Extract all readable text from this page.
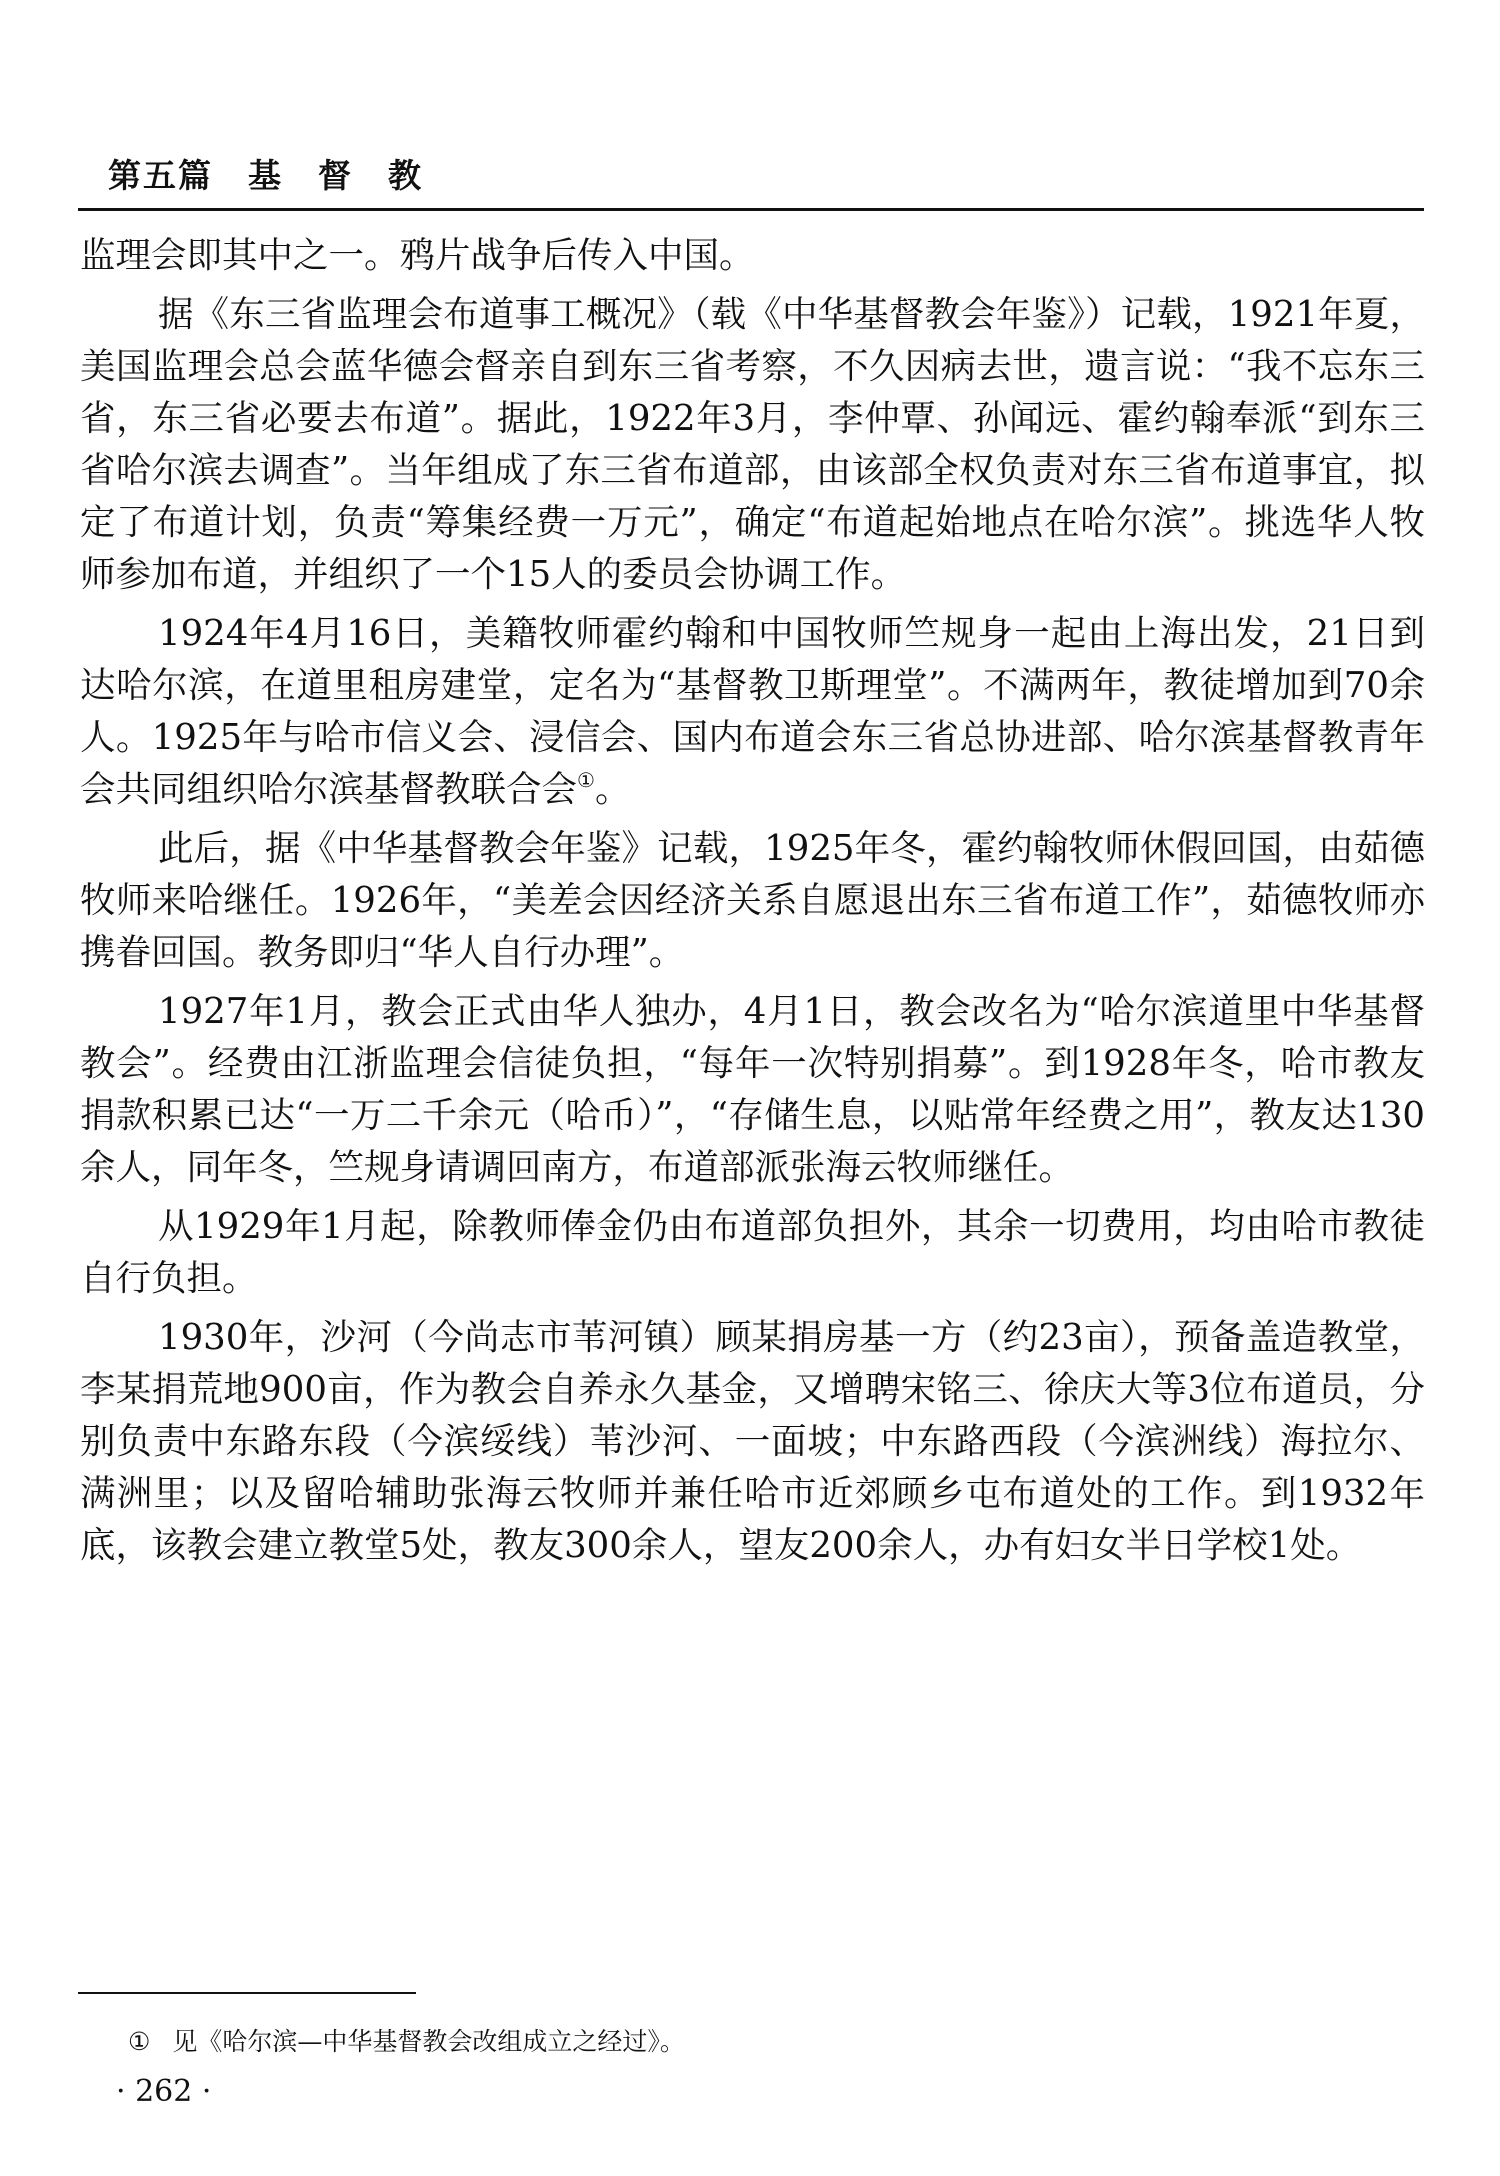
第五篇　基　督　教

监理会即其中之一。鸦片战争后传入中国。

据《东三省监理会布道事工概况》（载《中华基督教会年鉴》）记载，1921年夏，美国监理会总会蓝华德会督亲自到东三省考察，不久因病去世，遗言说：“我不忘东三省，东三省必要去布道”。据此，1922年3月，李仲覃、孙闻远、霍约翰奉派“到东三省哈尔滨去调查”。当年组成了东三省布道部，由该部全权负责对东三省布道事宜，拟定了布道计划，负责“筹集经费一万元”，确定“布道起始地点在哈尔滨”。挑选华人牧师参加布道，并组织了一个15人的委员会协调工作。

1924年4月16日，美籍牧师霍约翰和中国牧师竺规身一起由上海出发，21日到达哈尔滨，在道里租房建堂，定名为“基督教卫斯理堂”。不满两年，教徒增加到70余人。1925年与哈市信义会、浸信会、国内布道会东三省总协进部、哈尔滨基督教青年会共同组织哈尔滨基督教联合会①。

此后，据《中华基督教会年鉴》记载，1925年冬，霍约翰牧师休假回国，由茹德牧师来哈继任。1926年，“美差会因经济关系自愿退出东三省布道工作”，茹德牧师亦携眷回国。教务即归“华人自行办理”。

1927年1月，教会正式由华人独办，4月1日，教会改名为“哈尔滨道里中华基督教会”。经费由江浙监理会信徒负担，“每年一次特别捐募”。到1928年冬，哈市教友捐款积累已达“一万二千余元（哈币）”，“存储生息，以贴常年经费之用”，教友达130余人，同年冬，竺规身请调回南方，布道部派张海云牧师继任。

从1929年1月起，除教师俸金仍由布道部负担外，其余一切费用，均由哈市教徒自行负担。

1930年，沙河（今尚志市苇河镇）顾某捐房基一方（约23亩），预备盖造教堂，李某捐荒地900亩，作为教会自养永久基金，又增聘宋铭三、徐庆大等3位布道员，分别负责中东路东段（今滨绥线）苇沙河、一面坡；中东路西段（今滨洲线）海拉尔、满洲里；以及留哈辅助张海云牧师并兼任哈市近郊顾乡屯布道处的工作。到1932年底，该教会建立教堂5处，教友300余人，望友200余人，办有妇女半日学校1处。

① 见《哈尔滨—中华基督教会改组成立之经过》。
· 262 ·
